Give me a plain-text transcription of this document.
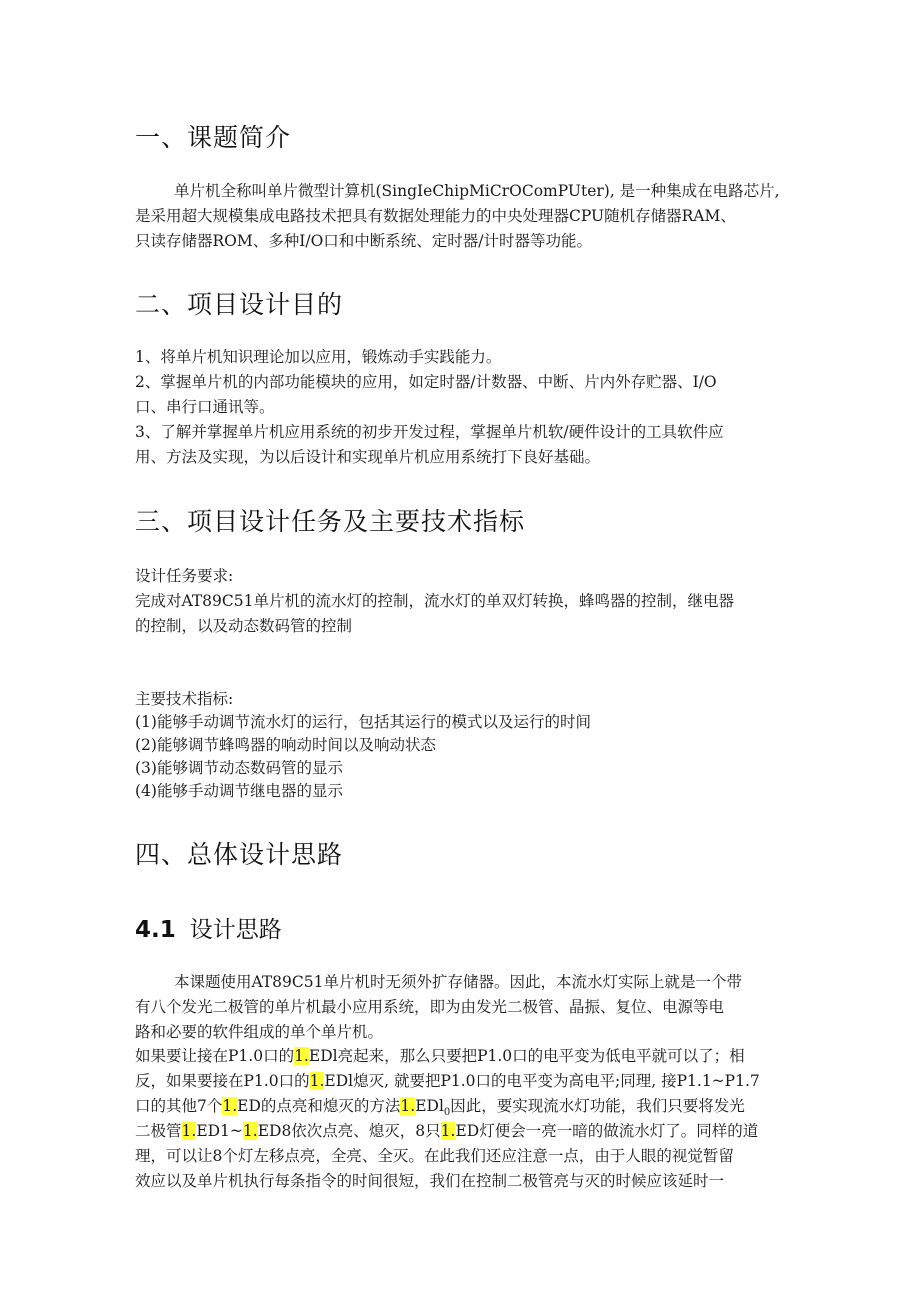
一、课题简介

单片机全称叫单片微型计算机(SingIeChipMiCrOComPUter), 是一种集成在电路芯片,

是采用超大规模集成电路技术把具有数据处理能力的中央处理器CPU随机存储器RAM、

只读存储器ROM、多种I/O口和中断系统、定时器/计时器等功能。

二、项目设计目的

1、将单片机知识理论加以应用，锻炼动手实践能力。

2、掌握单片机的内部功能模块的应用，如定时器/计数器、中断、片内外存贮器、I/O

口、串行口通讯等。

3、了解并掌握单片机应用系统的初步开发过程，掌握单片机软/硬件设计的工具软件应

用、方法及实现，为以后设计和实现单片机应用系统打下良好基础。

三、项目设计任务及主要技术指标

设计任务要求:

完成对AT89C51单片机的流水灯的控制，流水灯的单双灯转换，蜂鸣器的控制，继电器

的控制，以及动态数码管的控制

主要技术指标:

(1)能够手动调节流水灯的运行，包括其运行的模式以及运行的时间

(2)能够调节蜂鸣器的响动时间以及响动状态

(3)能够调节动态数码管的显示

(4)能够手动调节继电器的显示

四、总体设计思路
4.1 设计思路

本课题使用AT89C51单片机时无须外扩存储器。因此，本流水灯实际上就是一个带

有八个发光二极管的单片机最小应用系统，即为由发光二极管、晶振、复位、电源等电

路和必要的软件组成的单个单片机。

如果要让接在P1.0口的1.EDl亮起来，那么只要把P1.0口的电平变为低电平就可以了；相

反，如果要接在P1.0口的1.EDl熄灭, 就要把P1.0口的电平变为高电平;同理, 接P1.1~P1.7

口的其他7个1.ED的点亮和熄灭的方法1.EDl$_0$因此，要实现流水灯功能，我们只要将发光

二极管1.ED1~1.ED8依次点亮、熄灭，8只1.ED灯便会一亮一暗的做流水灯了。同样的道

理，可以让8个灯左移点亮，全亮、全灭。在此我们还应注意一点，由于人眼的视觉暂留

效应以及单片机执行每条指令的时间很短，我们在控制二极管亮与灭的时候应该延时一
